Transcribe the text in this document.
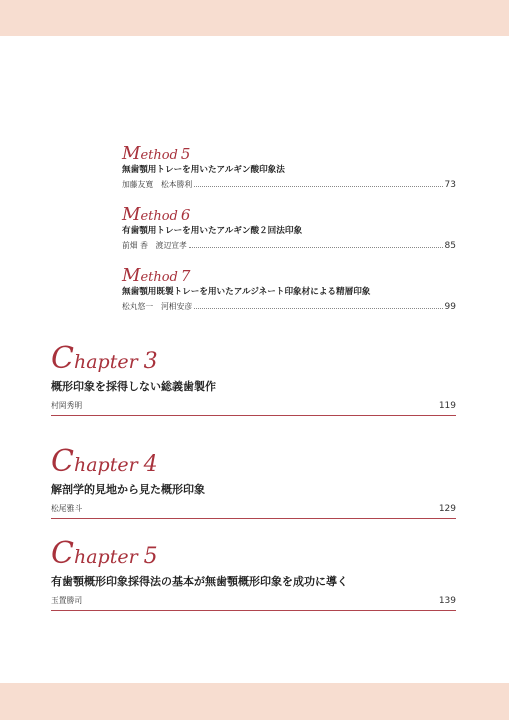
Method 5
無歯顎用トレーを用いたアルギン酸印象法
加藤友寛　松本勝利	73
Method 6
有歯顎用トレーを用いたアルギン酸２回法印象
前畑 香　渡辺宣孝	85
Method 7
無歯顎用既製トレーを用いたアルジネート印象材による精層印象
松丸悠一　河相安彦	99
Chapter 3
概形印象を採得しない総義歯製作
村岡秀明	119
Chapter 4
解剖学的見地から見た概形印象
松尾雅斗	129
Chapter 5
有歯顎概形印象採得法の基本が無歯顎概形印象を成功に導く
玉置勝司	139
